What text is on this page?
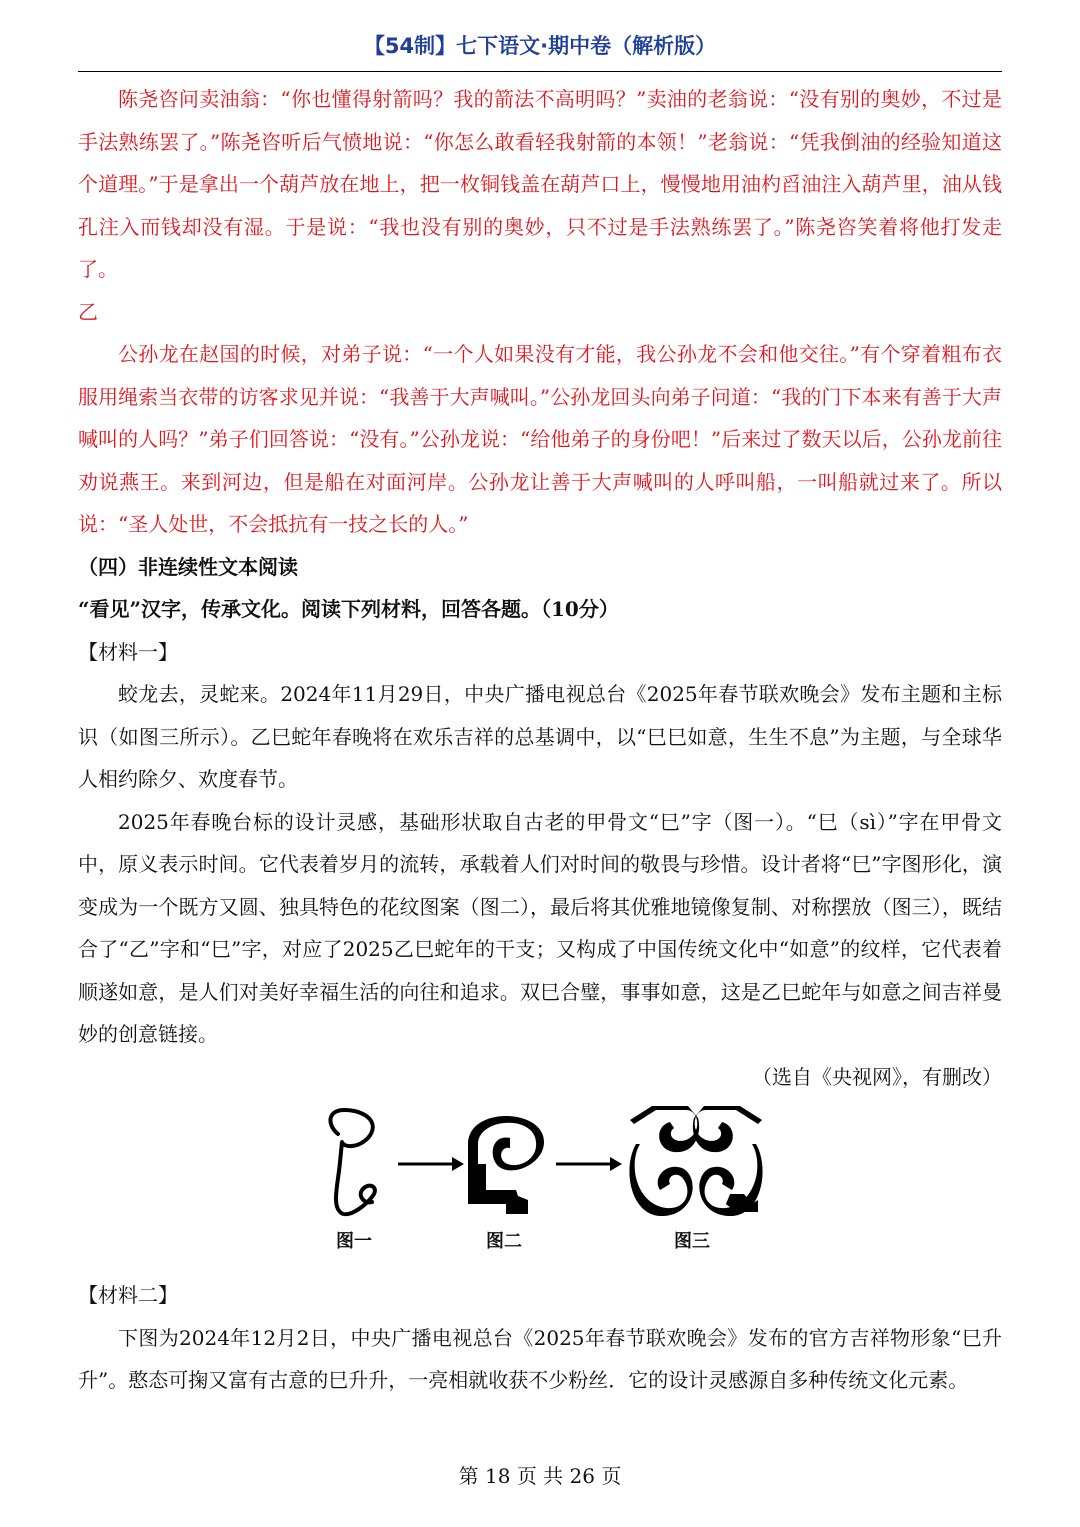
【54制】七下语文·期中卷（解析版）

陈尧咨问卖油翁：“你也懂得射箭吗？我的箭法不高明吗？”卖油的老翁说：“没有别的奥妙，不过是手法熟练罢了。”陈尧咨听后气愤地说：“你怎么敢看轻我射箭的本领！”老翁说：“凭我倒油的经验知道这个道理。”于是拿出一个葫芦放在地上，把一枚铜钱盖在葫芦口上，慢慢地用油杓舀油注入葫芦里，油从钱孔注入而钱却没有湿。于是说：“我也没有别的奥妙，只不过是手法熟练罢了。”陈尧咨笑着将他打发走了。

乙

公孙龙在赵国的时候，对弟子说：“一个人如果没有才能，我公孙龙不会和他交往。”有个穿着粗布衣服用绳索当衣带的访客求见并说：“我善于大声喊叫。”公孙龙回头向弟子问道：“我的门下本来有善于大声喊叫的人吗？”弟子们回答说：“没有。”公孙龙说：“给他弟子的身份吧！”后来过了数天以后，公孙龙前往劝说燕王。来到河边，但是船在对面河岸。公孙龙让善于大声喊叫的人呼叫船，一叫船就过来了。所以说：“圣人处世，不会抵抗有一技之长的人。”

（四）非连续性文本阅读

“看见”汉字，传承文化。阅读下列材料，回答各题。（10分）

【材料一】

蛟龙去，灵蛇来。2024年11月29日，中央广播电视总台《2025年春节联欢晚会》发布主题和主标识（如图三所示）。乙巳蛇年春晚将在欢乐吉祥的总基调中，以“巳巳如意，生生不息”为主题，与全球华人相约除夕、欢度春节。

2025年春晚台标的设计灵感，基础形状取自古老的甲骨文“巳”字（图一）。“巳（sì）”字在甲骨文中，原义表示时间。它代表着岁月的流转，承载着人们对时间的敬畏与珍惜。设计者将“巳”字图形化，演变成为一个既方又圆、独具特色的花纹图案（图二），最后将其优雅地镜像复制、对称摆放（图三），既结合了“乙”字和“巳”字，对应了2025乙巳蛇年的干支；又构成了中国传统文化中“如意”的纹样，它代表着顺遂如意，是人们对美好幸福生活的向往和追求。双巳合璧，事事如意，这是乙巳蛇年与如意之间吉祥曼妙的创意链接。

（选自《央视网》，有删改）

图一	图二	图三

【材料二】

下图为2024年12月2日，中央广播电视总台《2025年春节联欢晚会》发布的官方吉祥物形象“巳升升”。憨态可掬又富有古意的巳升升，一亮相就收获不少粉丝．它的设计灵感源自多种传统文化元素。

第 18 页 共 26 页
